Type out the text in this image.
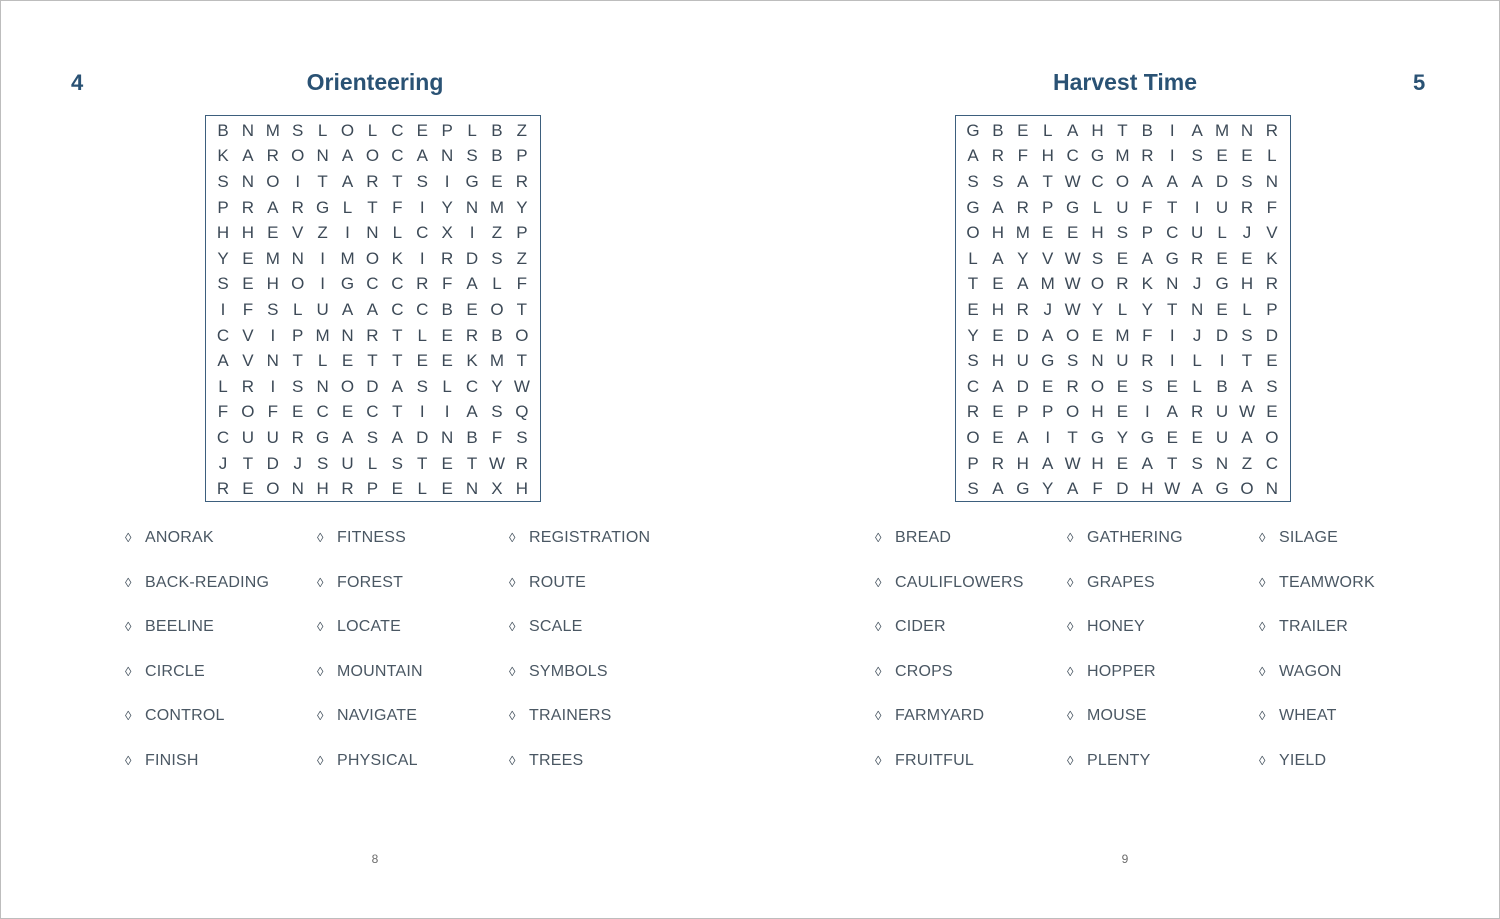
4	Orienteering
B N M S L O L C E P L B Z
K A R O N A O C A N S B P
S N O I	T A R T S I G E R
P R A R G L T F	I Y N M Y
H H E V Z	I N L C X I	Z P
Y E M N I M O K I R D S Z
S E H O I G C C R F A L F
I	F S L U A A C C B E O T
C V I P M N R T L E R B O
A V N T L E T T E E K M T
L R I S N O D A S L C Y W
F O F E C E C T	I	I A S Q
C U U R G A S A D N B F S
J T D J S U L S T E T W R
R E O N H R P E L E N X H
◊ ANORAK
◊ BACK-READING
◊ BEELINE
◊ CIRCLE
◊ CONTROL
◊ FINISH
◊ FITNESS
◊ FOREST
◊ LOCATE
◊ MOUNTAIN
◊ NAVIGATE
◊ PHYSICAL
◊ REGISTRATION
◊ ROUTE
◊ SCALE
◊ SYMBOLS
◊ TRAINERS
◊ TREES
8
5
Harvest Time
G B E L A H T B I A M N R
A R F H C G M R I S E E L
S S A T W C O A A A D S N
G A R P G L U F T	I U R F
O H M E E H S P C U L J V
L A Y V W S E A G R E E K
T E A M W O R K N J G H R
E H R J W Y L Y T N E L P
Y E D A O E M F	I	J D S D
S H U G S N U R I	L	I	T E
C A D E R O E S E L B A S
R E P P O H E I A R U W E
O E A I	T G Y G E E U A O
P R H A W H E A T S N Z C
S A G Y A F D H W A G O N
◊ BREAD
◊ CAULIFLOWERS
◊ CIDER
◊ CROPS
◊ FARMYARD
◊ FRUITFUL
◊ GATHERING
◊ GRAPES
◊ HONEY
◊ HOPPER
◊ MOUSE
◊ PLENTY
◊ SILAGE
◊ TEAMWORK
◊ TRAILER
◊ WAGON
◊ WHEAT
◊ YIELD
9
